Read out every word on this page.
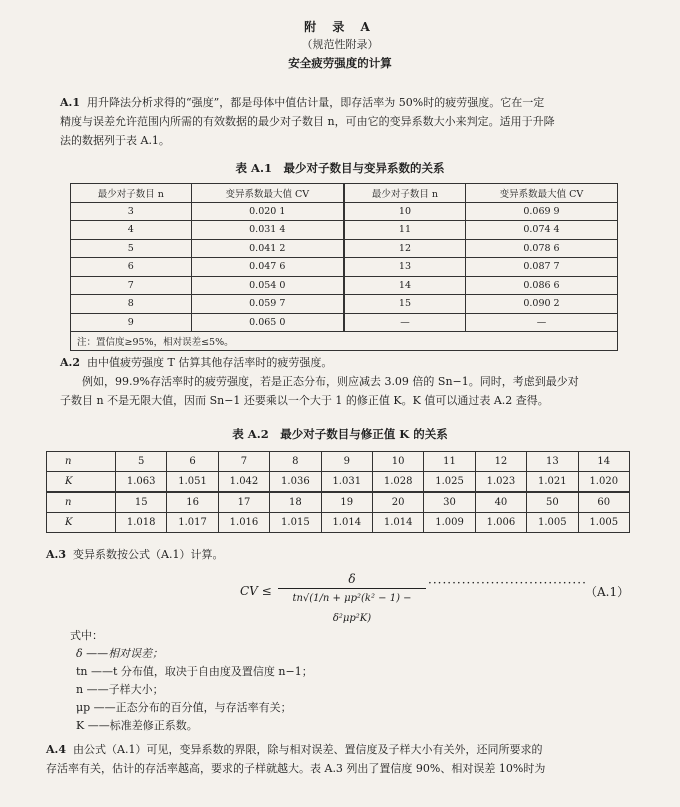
附 录 A
（规范性附录）
安全疲劳强度的计算
A.1 用升降法分析求得的“强度”，都是母体中值估计量，即存活率为 50%时的疲劳强度。它在一定
精度与误差允许范围内所需的有效数据的最少对子数目 n，可由它的变异系数大小来判定。适用于升降
法的数据列于表 A.1。
表 A.1　最少对子数目与变异系数的关系
最少对子数目 n	变异系数最大值 CV	最少对子数目 n	变异系数最大值 CV
3	0.020 1	10	0.069 9
4	0.031 4	11	0.074 4
5	0.041 2	12	0.078 6
6	0.047 6	13	0.087 7
7	0.054 0	14	0.086 6
8	0.059 7	15	0.090 2
9	0.065 0	—	—
注：置信度≥95%，相对误差≤5%。			
A.2 由中值疲劳强度 T 估算其他存活率时的疲劳强度。
例如，99.9%存活率时的疲劳强度，若是正态分布，则应减去 3.09 倍的 Sn−1。同时，考虑到最少对
子数目 n 不是无限大值，因而 Sn−1 还要乘以一个大于 1 的修正值 K。K 值可以通过表 A.2 查得。
表 A.2　最少对子数目与修正值 K 的关系
n	5	6	7	8	9	10	11	12	13	14
K	1.063	1.051	1.042	1.036	1.031	1.028	1.025	1.023	1.021	1.020
n	15	16	17	18	19	20	30	40	50	60
K	1.018	1.017	1.016	1.015	1.014	1.014	1.009	1.006	1.005	1.005
A.3 变异系数按公式（A.1）计算。
CV ≤
δ
tn√(1/n + μp²(k² − 1) − δ²μp²K)
·································
（A.1）
式中：
δ ——相对误差；
tn ——t 分布值，取决于自由度及置信度 n−1；
n ——子样大小；
μp ——正态分布的百分值，与存活率有关；
K ——标准差修正系数。
A.4 由公式（A.1）可见，变异系数的界限，除与相对误差、置信度及子样大小有关外，还同所要求的
存活率有关，估计的存活率越高，要求的子样就越大。表 A.3 列出了置信度 90%、相对误差 10%时为
